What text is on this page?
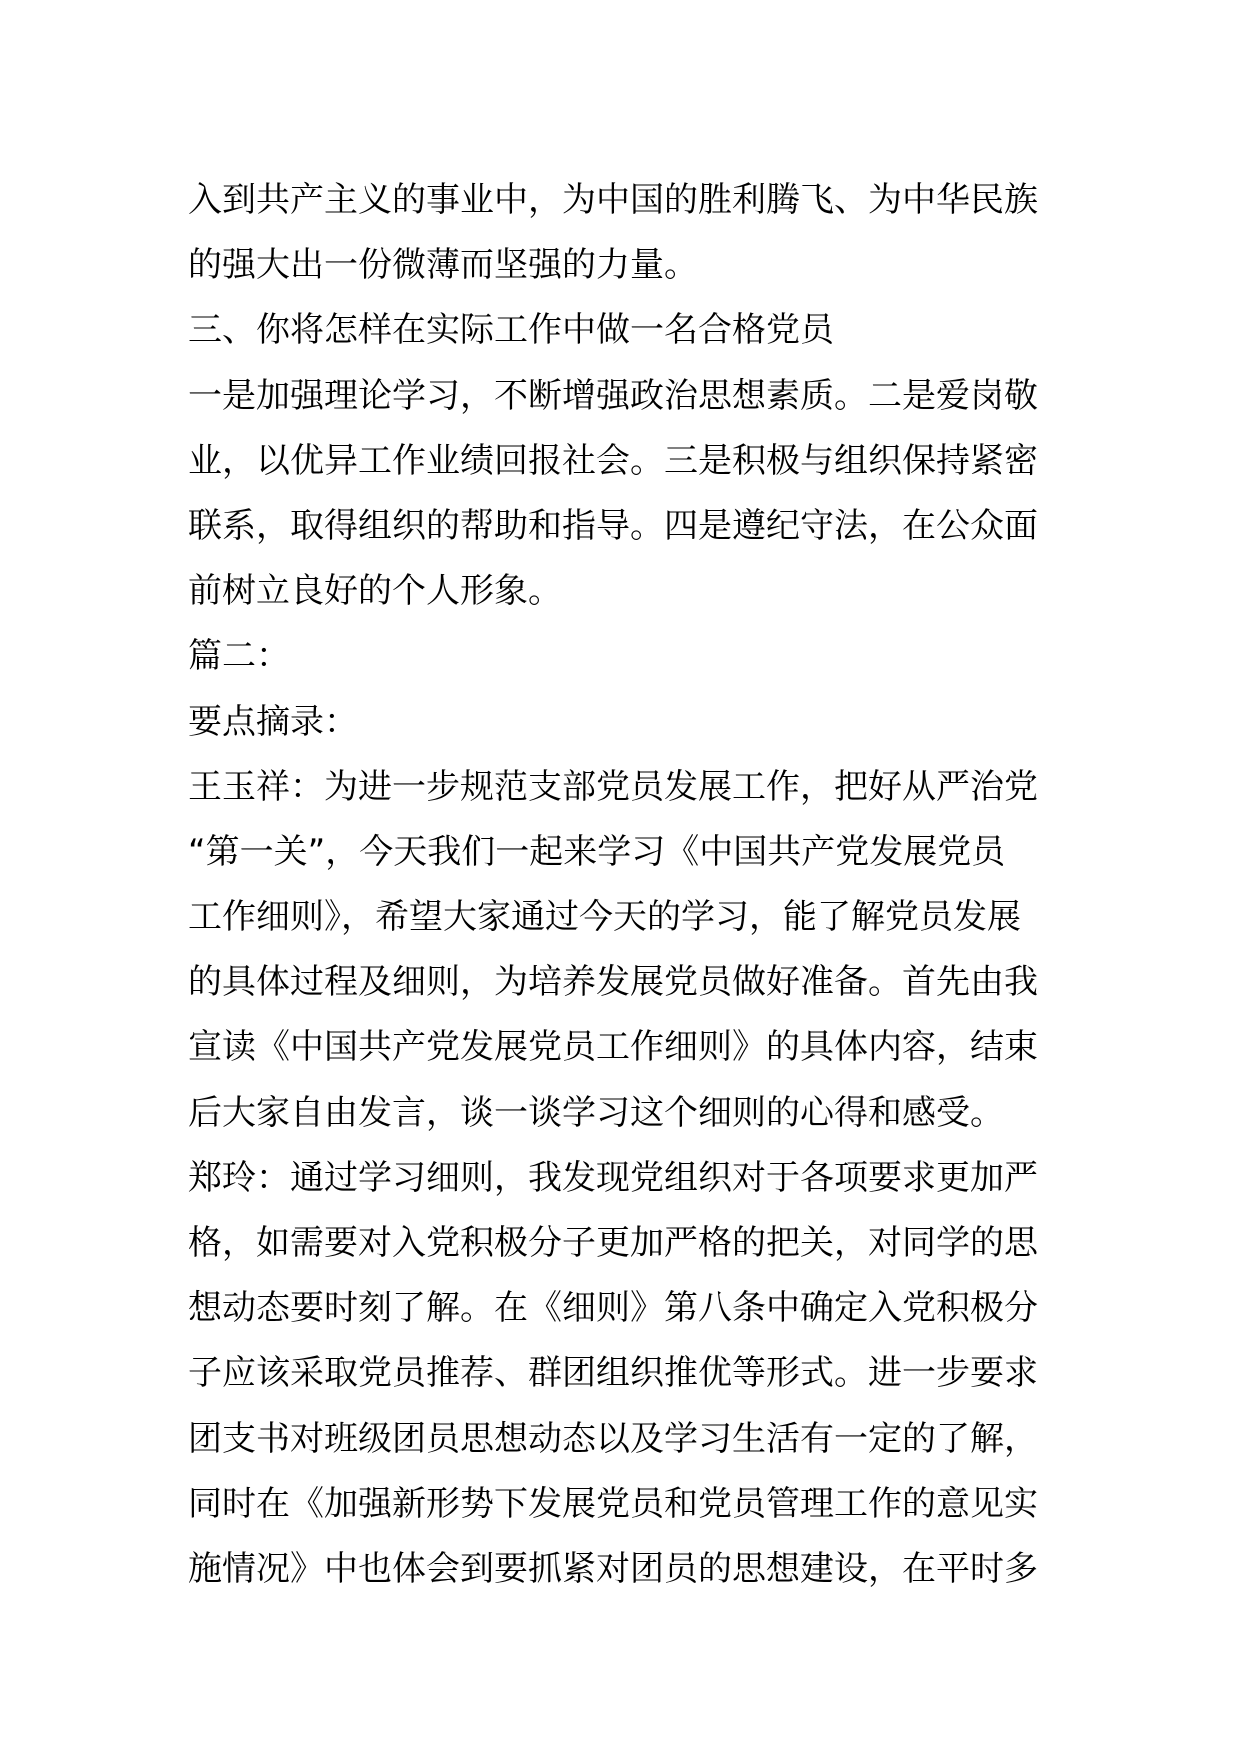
入到共产主义的事业中，为中国的胜利腾飞、为中华民族
的强大出一份微薄而坚强的力量。
三、你将怎样在实际工作中做一名合格党员
一是加强理论学习，不断增强政治思想素质。二是爱岗敬
业，以优异工作业绩回报社会。三是积极与组织保持紧密
联系，取得组织的帮助和指导。四是遵纪守法，在公众面
前树立良好的个人形象。
篇二：
要点摘录：
王玉祥：为进一步规范支部党员发展工作，把好从严治党
“第一关”，今天我们一起来学习《中国共产党发展党员
工作细则》，希望大家通过今天的学习，能了解党员发展
的具体过程及细则，为培养发展党员做好准备。首先由我
宣读《中国共产党发展党员工作细则》的具体内容，结束
后大家自由发言，谈一谈学习这个细则的心得和感受。
郑玲：通过学习细则，我发现党组织对于各项要求更加严
格，如需要对入党积极分子更加严格的把关，对同学的思
想动态要时刻了解。在《细则》第八条中确定入党积极分
子应该采取党员推荐、群团组织推优等形式。进一步要求
团支书对班级团员思想动态以及学习生活有一定的了解，
同时在《加强新形势下发展党员和党员管理工作的意见实
施情况》中也体会到要抓紧对团员的思想建设，在平时多
